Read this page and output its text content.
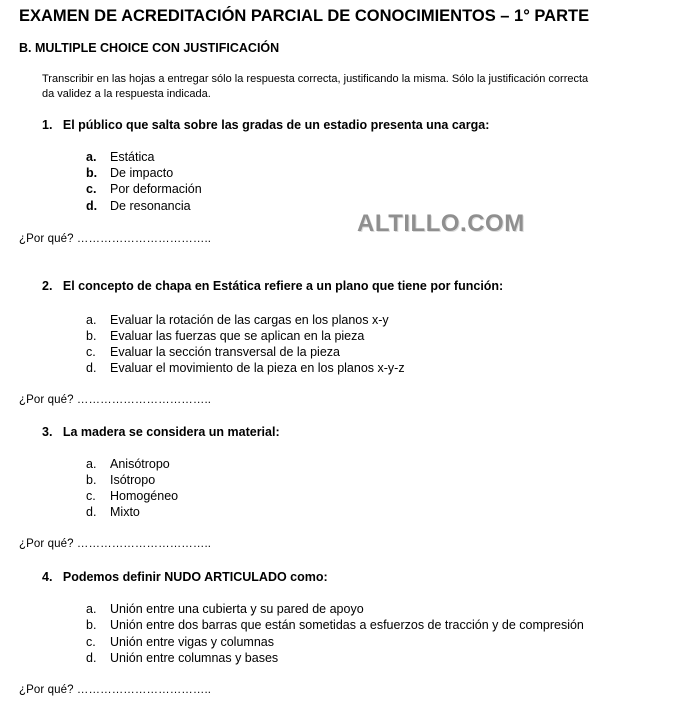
EXAMEN DE ACREDITACIÓN PARCIAL DE CONOCIMIENTOS – 1° PARTE
B. MULTIPLE CHOICE CON JUSTIFICACIÓN
Transcribir en las hojas a entregar sólo la respuesta correcta, justificando la misma. Sólo la justificación correcta
da validez a la respuesta indicada.
ALTILLO.COM
1. El público que salta sobre las gradas de un estadio presenta una carga:
a. Estática
b. De impacto
c. Por deformación
d. De resonancia
¿Por qué? ……………………………..
2. El concepto de chapa en Estática refiere a un plano que tiene por función:
a. Evaluar la rotación de las cargas en los planos x-y
b. Evaluar las fuerzas que se aplican en la pieza
c. Evaluar la sección transversal de la pieza
d. Evaluar el movimiento de la pieza en los planos x-y-z
¿Por qué? ……………………………..
3. La madera se considera un material:
a. Anisótropo
b. Isótropo
c. Homogéneo
d. Mixto
¿Por qué? ……………………………..
4. Podemos definir NUDO ARTICULADO como:
a. Unión entre una cubierta y su pared de apoyo
b. Unión entre dos barras que están sometidas a esfuerzos de tracción y de compresión
c. Unión entre vigas y columnas
d. Unión entre columnas y bases
¿Por qué? ……………………………..
